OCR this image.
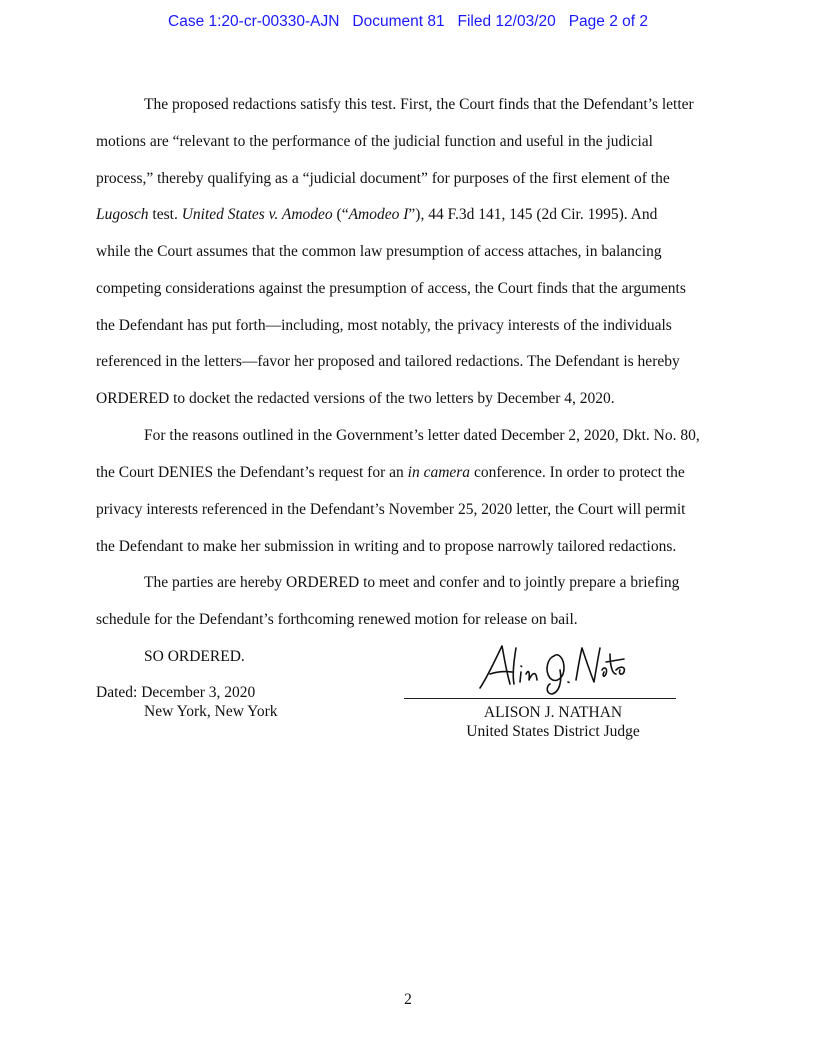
Case 1:20-cr-00330-AJN Document 81 Filed 12/03/20 Page 2 of 2
The proposed redactions satisfy this test. First, the Court finds that the Defendant’s letter
motions are “relevant to the performance of the judicial function and useful in the judicial
process,” thereby qualifying as a “judicial document” for purposes of the first element of the
Lugosch test. United States v. Amodeo (“Amodeo I”), 44 F.3d 141, 145 (2d Cir. 1995). And
while the Court assumes that the common law presumption of access attaches, in balancing
competing considerations against the presumption of access, the Court finds that the arguments
the Defendant has put forth—including, most notably, the privacy interests of the individuals
referenced in the letters—favor her proposed and tailored redactions. The Defendant is hereby
ORDERED to docket the redacted versions of the two letters by December 4, 2020.
For the reasons outlined in the Government’s letter dated December 2, 2020, Dkt. No. 80,
the Court DENIES the Defendant’s request for an in camera conference. In order to protect the
privacy interests referenced in the Defendant’s November 25, 2020 letter, the Court will permit
the Defendant to make her submission in writing and to propose narrowly tailored redactions.
The parties are hereby ORDERED to meet and confer and to jointly prepare a briefing
schedule for the Defendant’s forthcoming renewed motion for release on bail.
SO ORDERED.
Dated: December 3, 2020
New York, New York	ALISON J. NATHAN
United States District Judge
2
